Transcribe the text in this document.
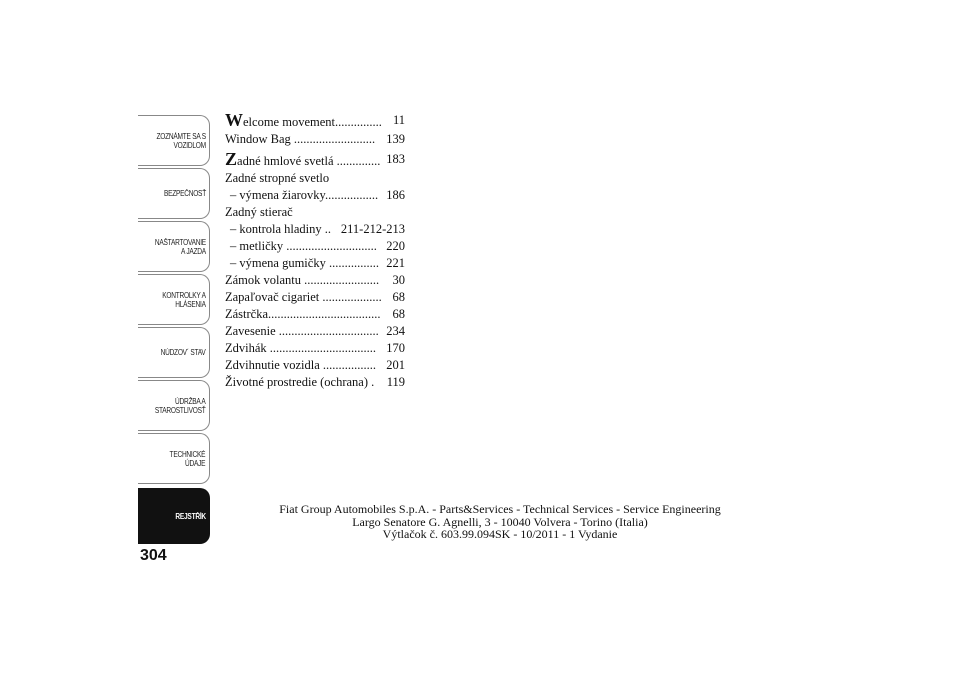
ZOZNÁMTE SA S
VOZIDLOM
BEZPEČNOSŤ
NAŠTARTOVANIE
A JAZDA
KONTROLKY A
HLÁSENIA
NÚDZOV´ STAV
ÚDRŽBA A
STAROSTLIVOSŤ
TECHNICKÉ
ÚDAJE
REJSTŘÍK
304
Welcome movement............... 11
Window Bag .......................... 139
Zadné hmlové svetlá .............. 183
Zadné stropné svetlo
– výmena žiarovky................. 186
Zadný stierač
– kontrola hladiny .. 211-212-213
– metličky ............................. 220
– výmena gumičky ................ 221
Zámok volantu ........................ 30
Zapaľovač cigariet ................... 68
Zástrčka.................................... 68
Zavesenie ................................ 234
Zdvihák .................................. 170
Zdvihnutie vozidla ................. 201
Životné prostredie (ochrana) . 119
Fiat Group Automobiles S.p.A. - Parts&Services - Technical Services - Service Engineering
Largo Senatore G. Agnelli, 3 - 10040 Volvera - Torino (Italia)
Výtlačok č. 603.99.094SK - 10/2011 - 1 Vydanie
